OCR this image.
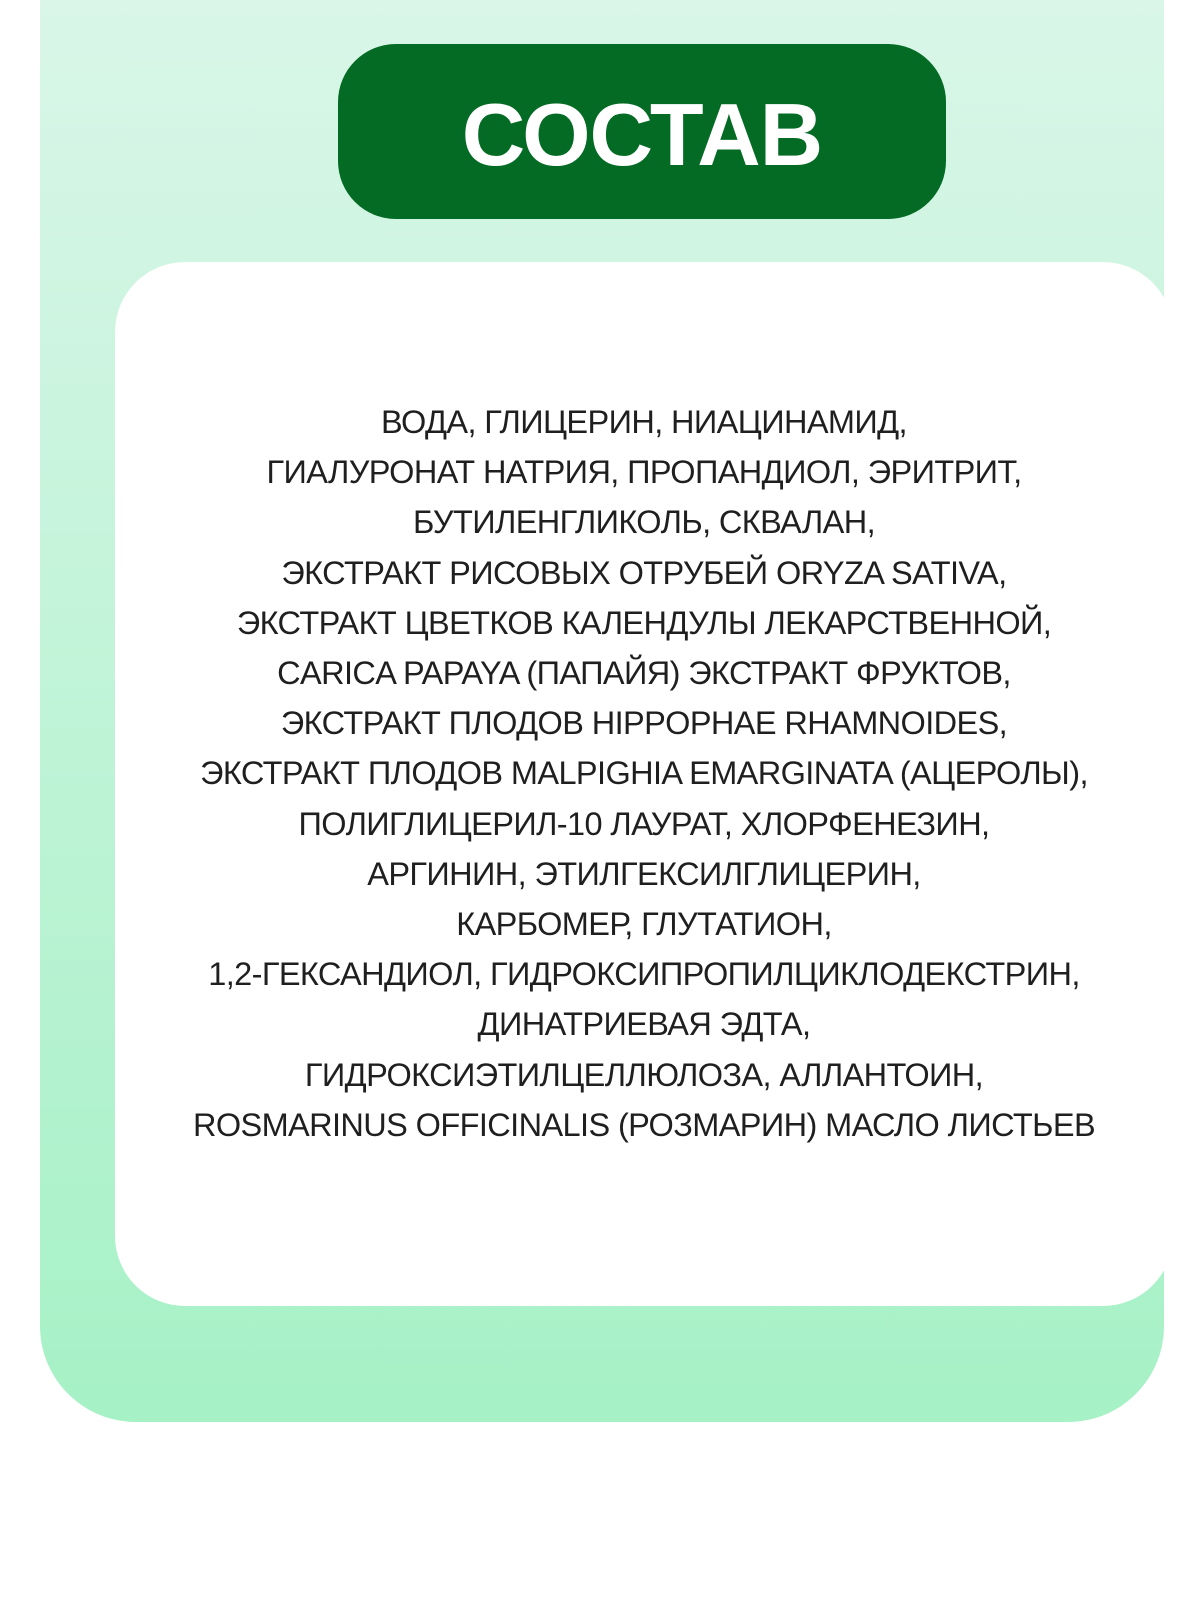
СОСТАВ
ВОДА, ГЛИЦЕРИН, НИАЦИНАМИД,
ГИАЛУРОНАТ НАТРИЯ, ПРОПАНДИОЛ, ЭРИТРИТ,
БУТИЛЕНГЛИКОЛЬ, СКВАЛАН,
ЭКСТРАКТ РИСОВЫХ ОТРУБЕЙ ORYZA SATIVA,
ЭКСТРАКТ ЦВЕТКОВ КАЛЕНДУЛЫ ЛЕКАРСТВЕННОЙ,
CARICA PAPAYA (ПАПАЙЯ) ЭКСТРАКТ ФРУКТОВ,
ЭКСТРАКТ ПЛОДОВ HIPPOPHAE RHAMNOIDES,
ЭКСТРАКТ ПЛОДОВ MALPIGHIA EMARGINATA (АЦЕРОЛЫ),
ПОЛИГЛИЦЕРИЛ-10 ЛАУРАТ, ХЛОРФЕНЕЗИН,
АРГИНИН, ЭТИЛГЕКСИЛГЛИЦЕРИН,
КАРБОМЕР, ГЛУТАТИОН,
1,2-ГЕКСАНДИОЛ, ГИДРОКСИПРОПИЛЦИКЛОДЕКСТРИН,
ДИНАТРИЕВАЯ ЭДТА,
ГИДРОКСИЭТИЛЦЕЛЛЮЛОЗА, АЛЛАНТОИН,
ROSMARINUS OFFICINALIS (РОЗМАРИН) МАСЛО ЛИСТЬЕВ
